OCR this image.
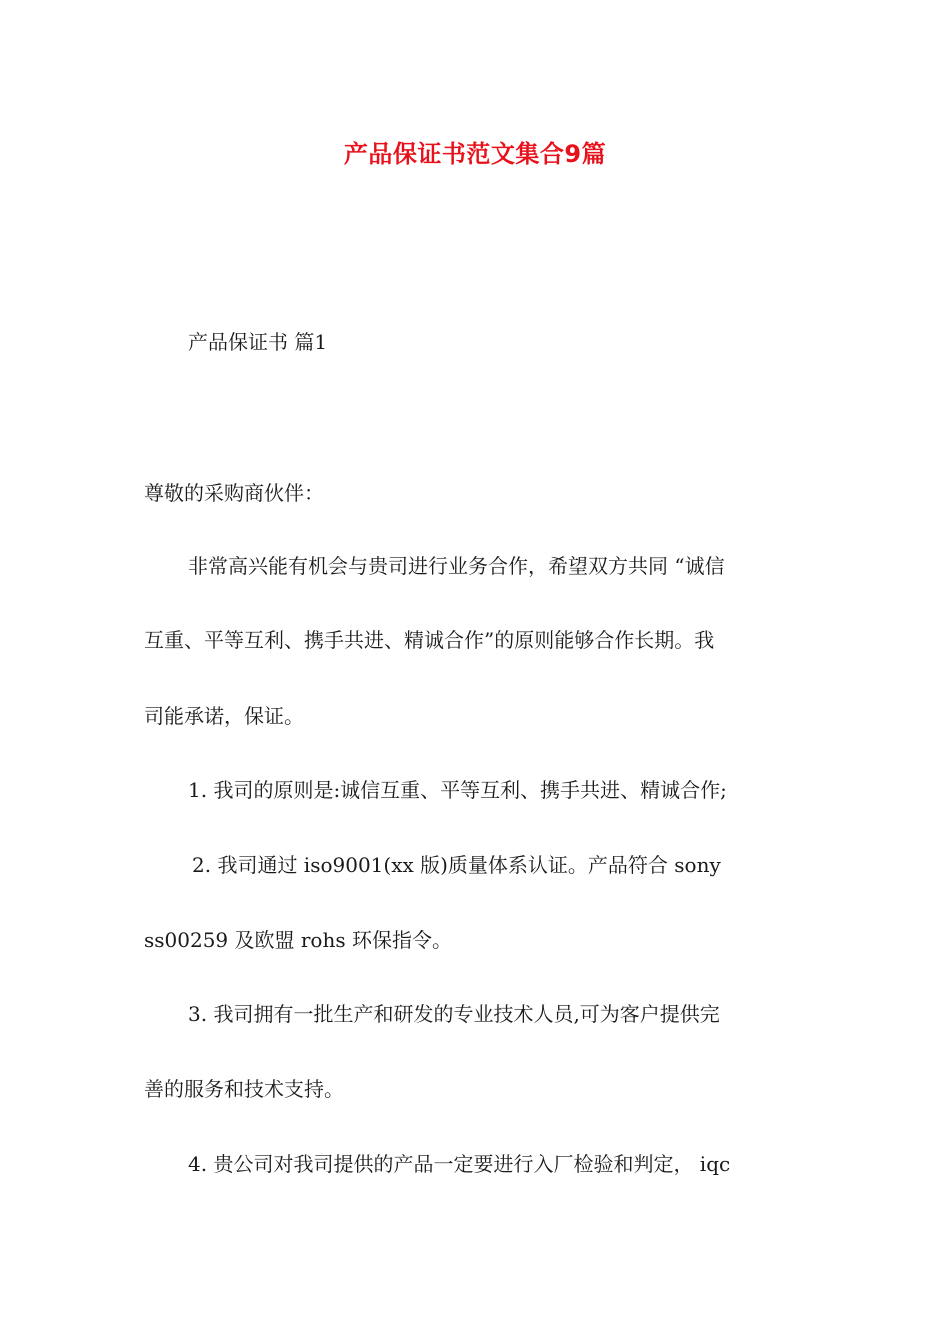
产品保证书范文集合9篇
产品保证书 篇1
尊敬的采购商伙伴：
非常高兴能有机会与贵司进行业务合作，希望双方共同 “诚信
互重、平等互利、携手共进、精诚合作”的原则能够合作长期。我
司能承诺，保证。
1. 我司的原则是:诚信互重、平等互利、携手共进、精诚合作;
2. 我司通过 iso9001(xx 版)质量体系认证。产品符合 sony
ss00259 及欧盟 rohs 环保指令。
3. 我司拥有一批生产和研发的专业技术人员,可为客户提供完
善的服务和技术支持。
4. 贵公司对我司提供的产品一定要进行入厂检验和判定， iqc
